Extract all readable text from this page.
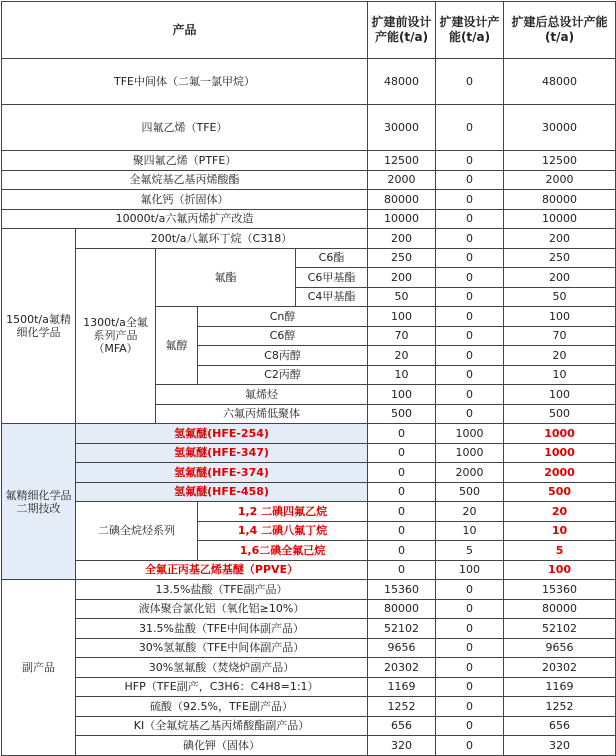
产品					扩建前设计产能(t/a)	扩建设计产能(t/a)	扩建后总设计产能(t/a)	
TFE中间体（二氟一氯甲烷）					48000	0	48000	
四氟乙烯（TFE）					30000	0	30000	
聚四氟乙烯（PTFE）					12500	0	12500	
全氟烷基乙基丙烯酸酯					2000	0	2000	
氟化钙（折固体）					80000	0	80000	
10000t/a六氟丙烯扩产改造					10000	0	10000	
1500t/a氟精细化学品	200t/a八氟环丁烷（C318）				200	0	200	
	1300t/a全氟系列产品（MFA）	氟酯		C6酯	250	0	250	
				C6甲基酯	200	0	200	
				C4甲基酯	50	0	50	
		氟醇	Cn醇		100	0	100	
			C6醇		70	0	70	
			C8丙醇		20	0	20	
			C2丙醇		10	0	10	
		氟烯烃			100	0	100	
		六氟丙烯低聚体			500	0	500	
氟精细化学品二期技改	氢氟醚(HFE-254)				0	1000	1000	
	氢氟醚(HFE-347)				0	1000	1000	
	氢氟醚(HFE-374)				0	2000	2000	
	氢氟醚(HFE-458)				0	500	500	
	二碘全烷烃系列		1,2 二碘四氟乙烷		0	20	20	
			1,4 二碘八氟丁烷		0	10	10	
			1,6二碘全氟己烷		0	5	5	
	全氟正丙基乙烯基醚（PPVE）				0	100	100	
副产品	13.5%盐酸（TFE副产品）				15360	0	15360	
	液体聚合氯化铝（氧化铝≥10%）				80000	0	80000	
	31.5%盐酸（TFE中间体副产品）				52102	0	52102	
	30%氢氟酸（TFE中间体副产品）				9656	0	9656	
	30%氢氟酸（焚烧炉副产品）				20302	0	20302	
	HFP（TFE副产，C3H6：C4H8=1:1）				1169	0	1169	
	硫酸（92.5%，TFE副产品）				1252	0	1252	
	KI（全氟烷基乙基丙烯酸酯副产品）				656	0	656	
	碘化钾（固体）				320	0	320	
